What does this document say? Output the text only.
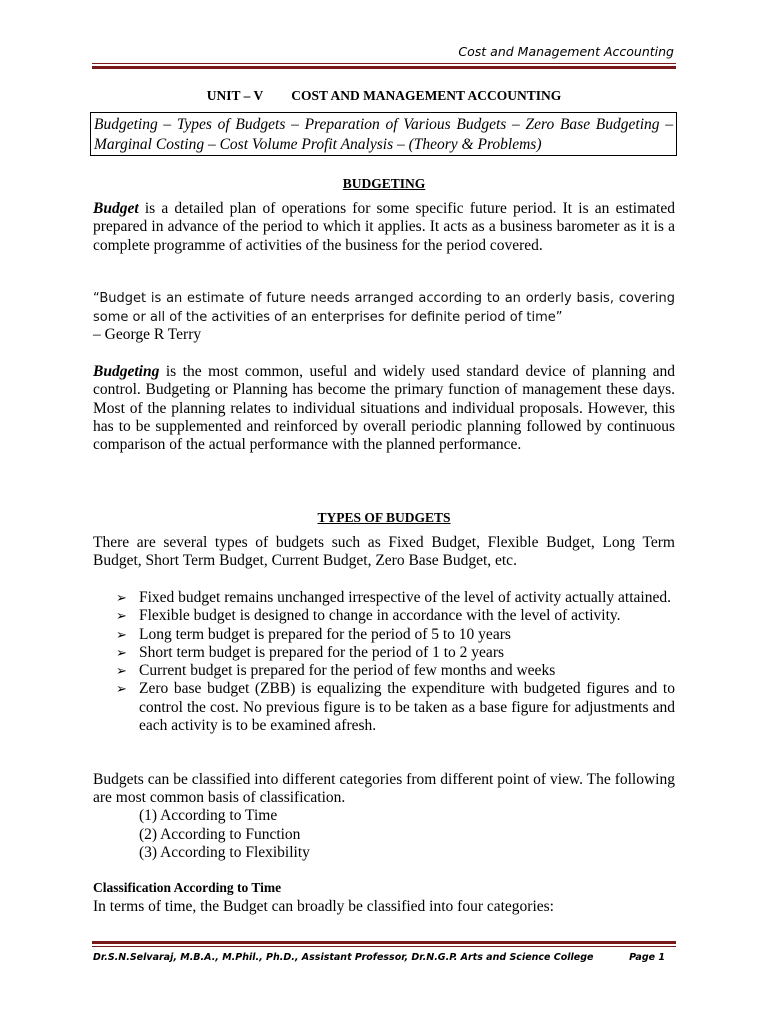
Cost and Management Accounting
UNIT – V COST AND MANAGEMENT ACCOUNTING
Budgeting – Types of Budgets – Preparation of Various Budgets – Zero Base Budgeting – Marginal Costing – Cost Volume Profit Analysis – (Theory & Problems)
BUDGETING
Budget is a detailed plan of operations for some specific future period. It is an estimated prepared in advance of the period to which it applies. It acts as a business barometer as it is a complete programme of activities of the business for the period covered.
“Budget is an estimate of future needs arranged according to an orderly basis, covering some or all of the activities of an enterprises for definite period of time”
– George R Terry
Budgeting is the most common, useful and widely used standard device of planning and control. Budgeting or Planning has become the primary function of management these days. Most of the planning relates to individual situations and individual proposals. However, this has to be supplemented and reinforced by overall periodic planning followed by continuous comparison of the actual performance with the planned performance.
TYPES OF BUDGETS
There are several types of budgets such as Fixed Budget, Flexible Budget, Long Term Budget, Short Term Budget, Current Budget, Zero Base Budget, etc.
➢ Fixed budget remains unchanged irrespective of the level of activity actually attained.
➢ Flexible budget is designed to change in accordance with the level of activity.
➢ Long term budget is prepared for the period of 5 to 10 years
➢ Short term budget is prepared for the period of 1 to 2 years
➢ Current budget is prepared for the period of few months and weeks
➢ Zero base budget (ZBB) is equalizing the expenditure with budgeted figures and to control the cost. No previous figure is to be taken as a base figure for adjustments and each activity is to be examined afresh.
Budgets can be classified into different categories from different point of view. The following are most common basis of classification.
(1) According to Time
(2) According to Function
(3) According to Flexibility
Classification According to Time
In terms of time, the Budget can broadly be classified into four categories:
Dr.S.N.Selvaraj, M.B.A., M.Phil., Ph.D., Assistant Professor, Dr.N.G.P. Arts and Science College	Page 1
